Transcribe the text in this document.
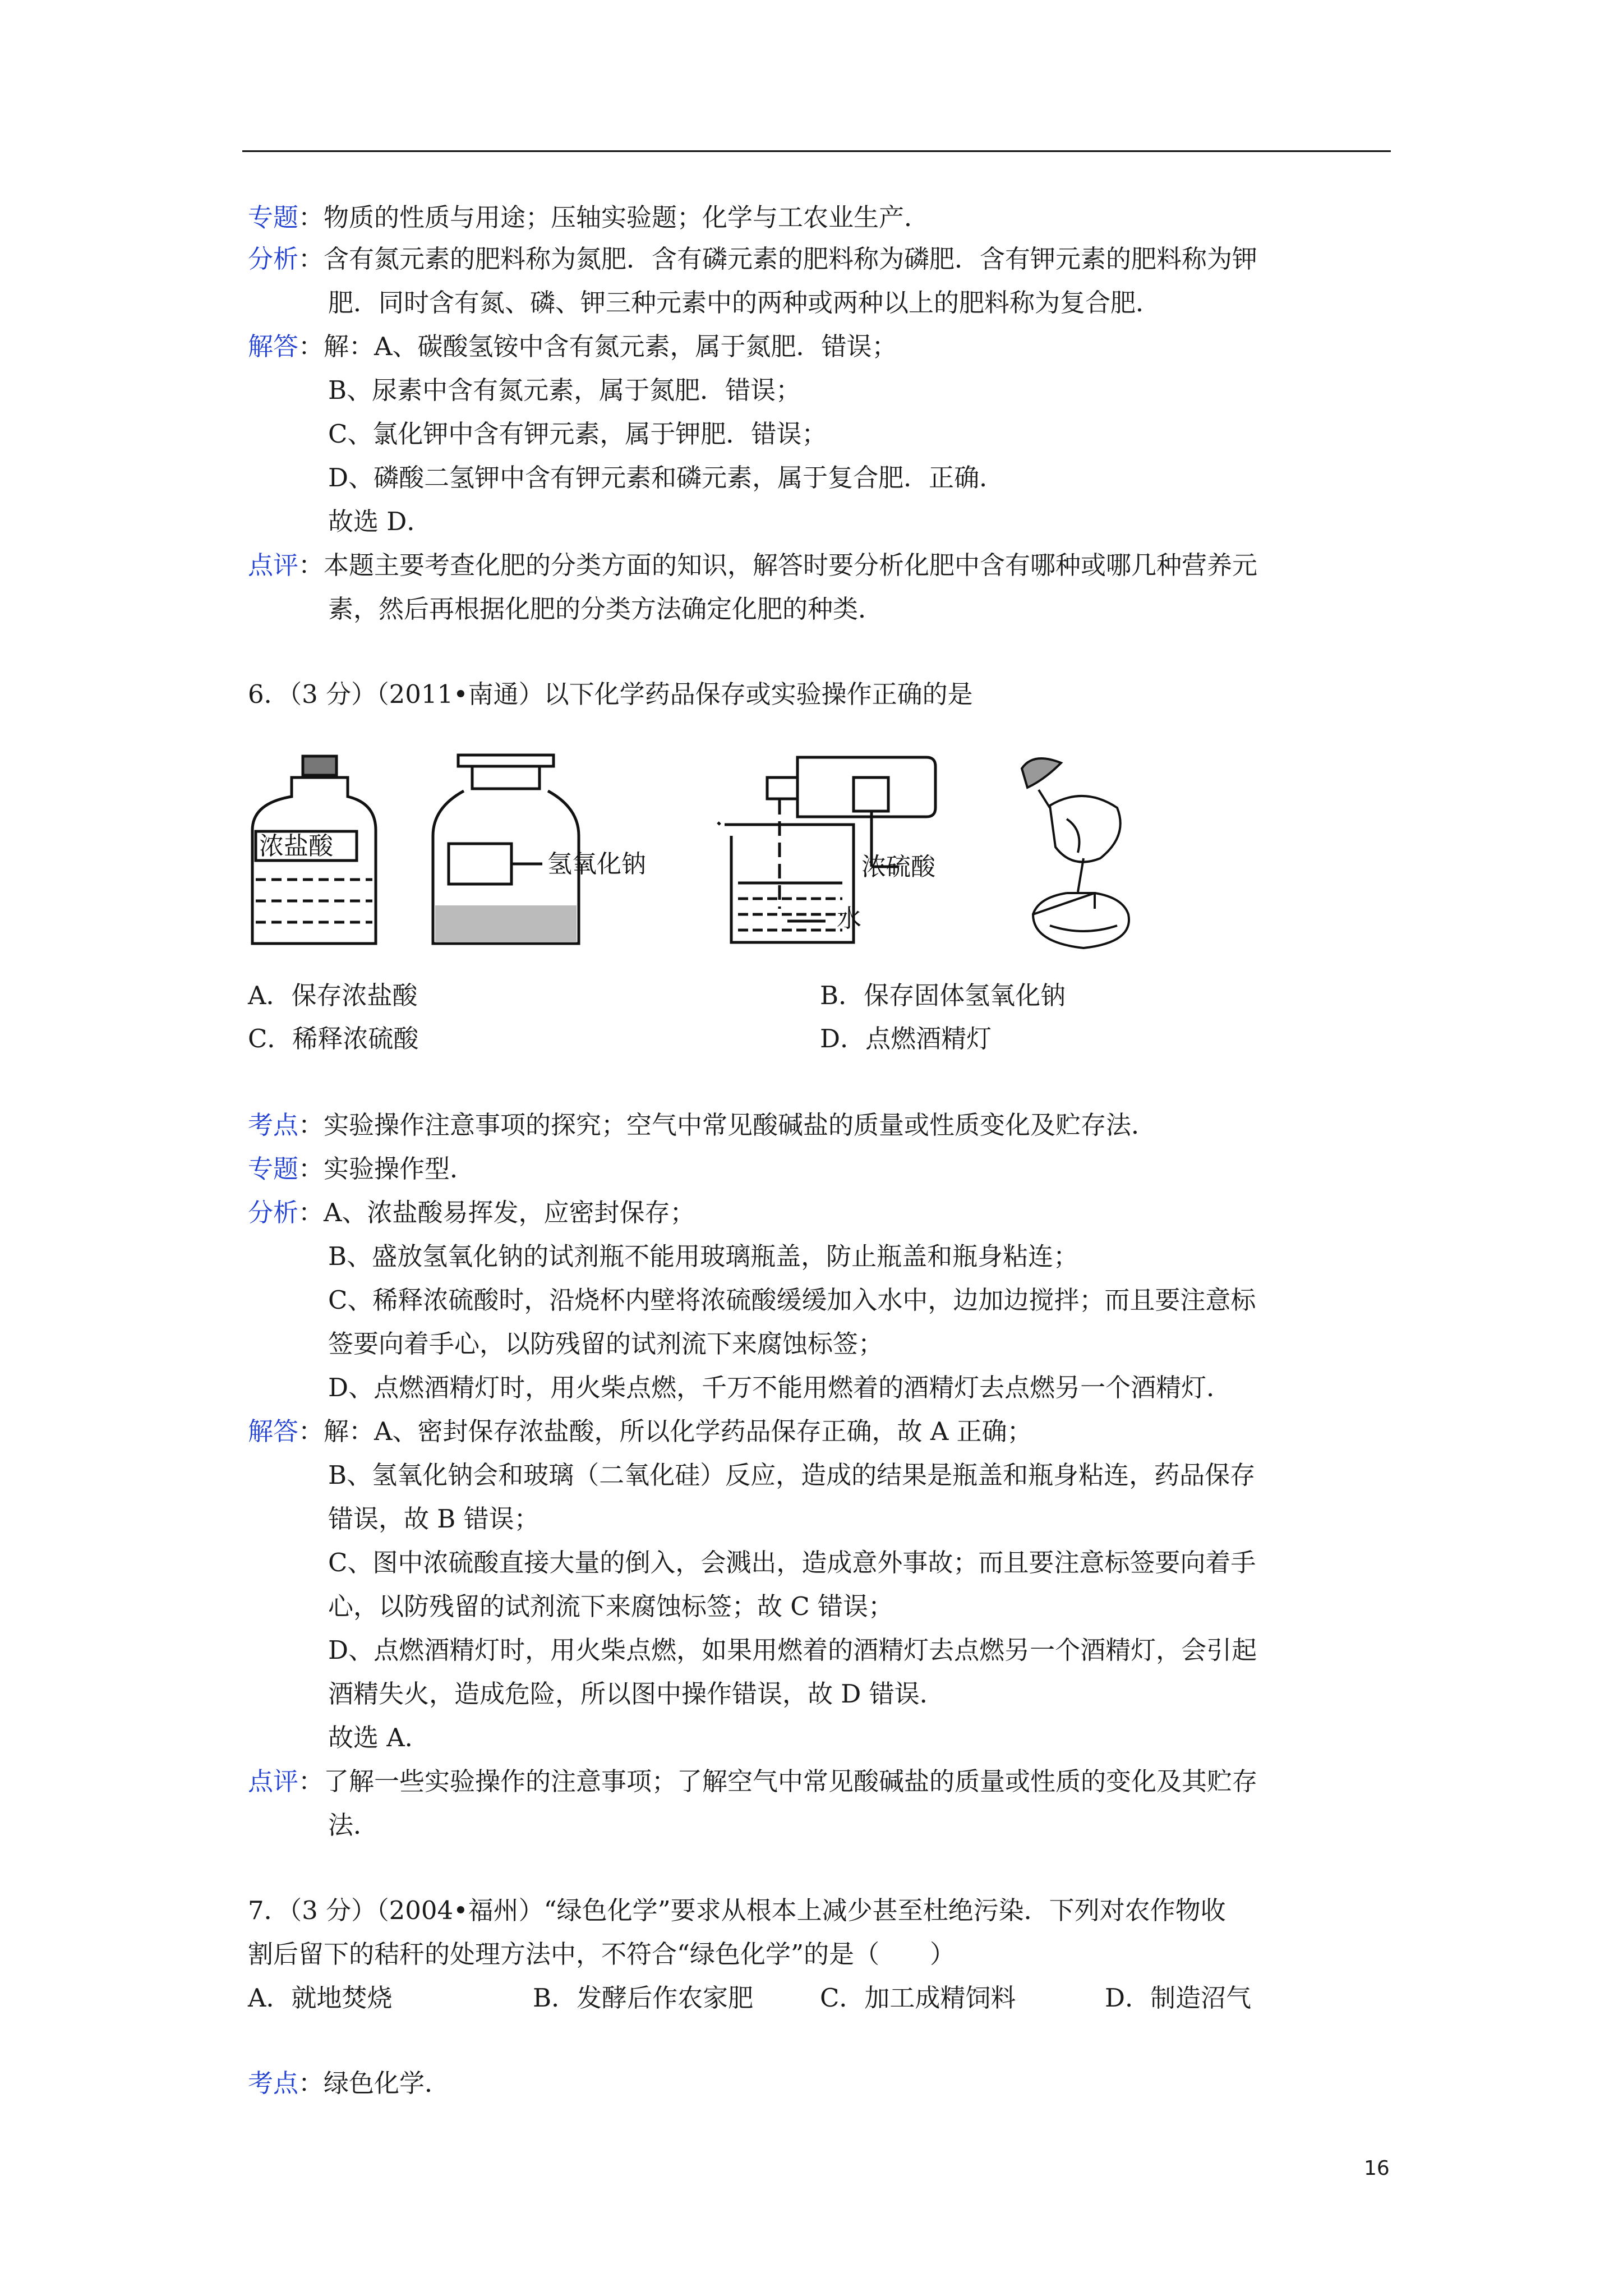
专题：物质的性质与用途；压轴实验题；化学与工农业生产．
分析：含有氮元素的肥料称为氮肥．含有磷元素的肥料称为磷肥．含有钾元素的肥料称为钾
肥．同时含有氮、磷、钾三种元素中的两种或两种以上的肥料称为复合肥．
解答：解：A、碳酸氢铵中含有氮元素，属于氮肥．错误；
B、尿素中含有氮元素，属于氮肥．错误；
C、氯化钾中含有钾元素，属于钾肥．错误；
D、磷酸二氢钾中含有钾元素和磷元素，属于复合肥．正确．
故选 D．
点评：本题主要考查化肥的分类方面的知识，解答时要分析化肥中含有哪种或哪几种营养元
素，然后再根据化肥的分类方法确定化肥的种类．
6．（3 分）（2011•南通）以下化学药品保存或实验操作正确的是
浓盐酸
氢氧化钠	浓硫酸
水
A．保存浓盐酸	B．保存固体氢氧化钠
C．稀释浓硫酸	D．点燃酒精灯
考点：实验操作注意事项的探究；空气中常见酸碱盐的质量或性质变化及贮存法．
专题：实验操作型．
分析：A、浓盐酸易挥发，应密封保存；
B、盛放氢氧化钠的试剂瓶不能用玻璃瓶盖，防止瓶盖和瓶身粘连；
C、稀释浓硫酸时，沿烧杯内壁将浓硫酸缓缓加入水中，边加边搅拌；而且要注意标
签要向着手心，以防残留的试剂流下来腐蚀标签；
D、点燃酒精灯时，用火柴点燃，千万不能用燃着的酒精灯去点燃另一个酒精灯．
解答：解：A、密封保存浓盐酸，所以化学药品保存正确，故 A 正确；
B、氢氧化钠会和玻璃（二氧化硅）反应，造成的结果是瓶盖和瓶身粘连，药品保存
错误，故 B 错误；
C、图中浓硫酸直接大量的倒入，会溅出，造成意外事故；而且要注意标签要向着手
心，以防残留的试剂流下来腐蚀标签；故 C 错误；
D、点燃酒精灯时，用火柴点燃，如果用燃着的酒精灯去点燃另一个酒精灯，会引起
酒精失火，造成危险，所以图中操作错误，故 D 错误．
故选 A．
点评：了解一些实验操作的注意事项；了解空气中常见酸碱盐的质量或性质的变化及其贮存
法．
7．（3 分）（2004•福州）“绿色化学”要求从根本上减少甚至杜绝污染．下列对农作物收
割后留下的秸秆的处理方法中，不符合“绿色化学”的是（　　）
A．就地焚烧	B．发酵后作农家肥	C．加工成精饲料	D．制造沼气
考点：绿色化学．
16
